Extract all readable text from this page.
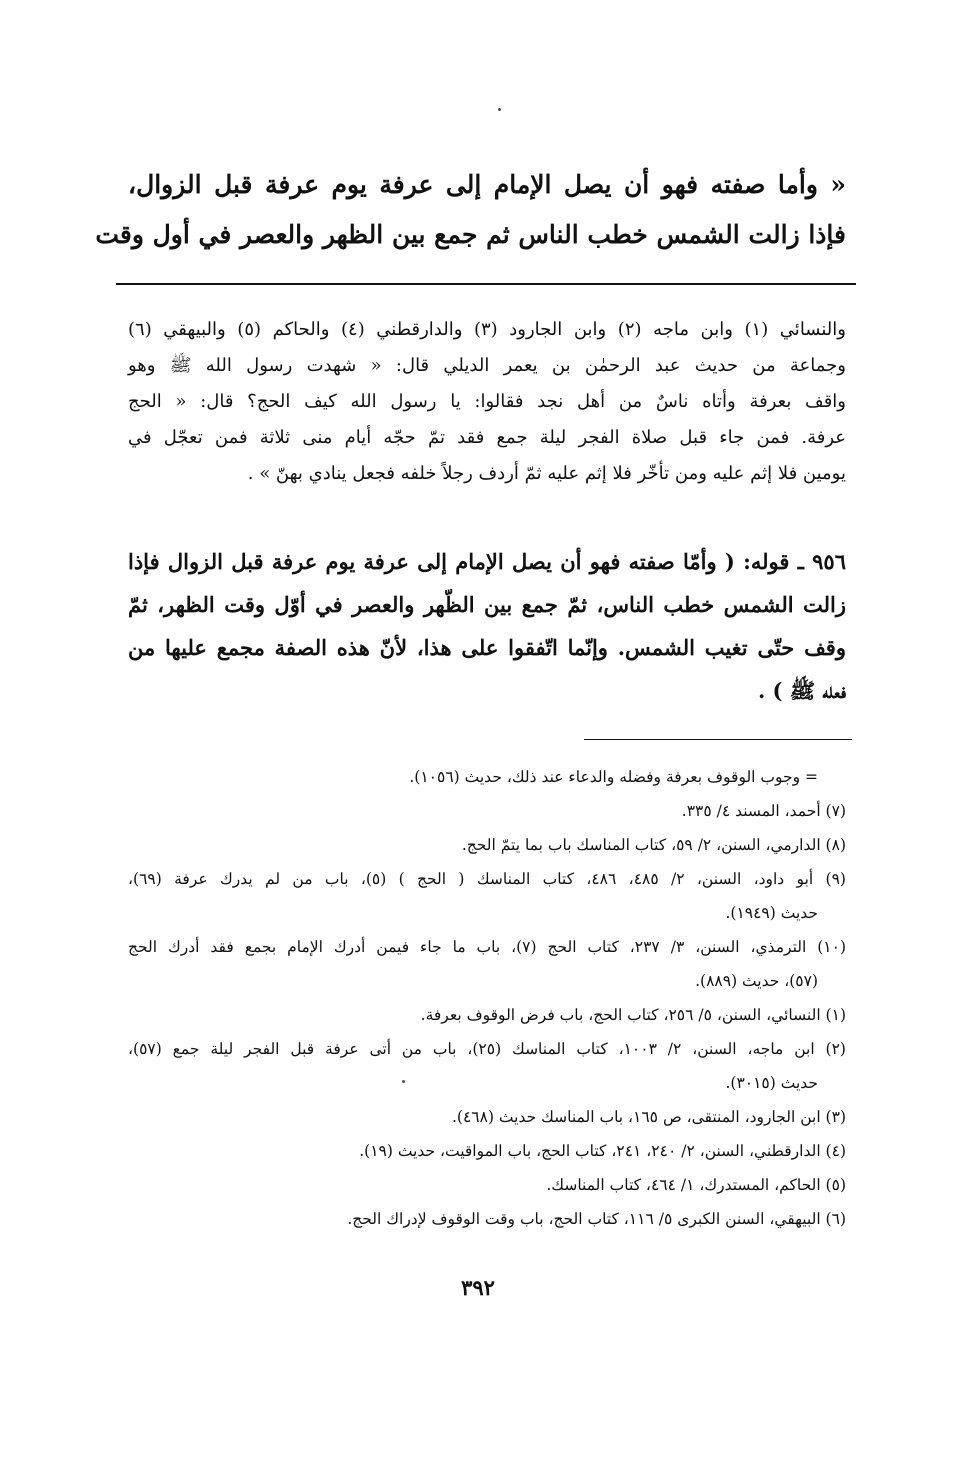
« وأما صفته فهو أن يصل الإمام إلى عرفة يوم عرفة قبل الزوال،

فإذا زالت الشمس خطب الناس ثم جمع بين الظهر والعصر في أول وقت

والنسائي (١) وابن ماجه (٢) وابن الجارود (٣) والدارقطني (٤) والحاكم (٥) والبيهقي (٦)

وجماعة من حديث عبد الرحمٰن بن يعمر الديلي قال: « شهدت رسول الله ﷺ وهو

واقف بعرفة وأتاه ناسٌ من أهل نجد فقالوا: يا رسول الله كيف الحج؟ قال: « الحج

عرفة. فمن جاء قبل صلاة الفجر ليلة جمع فقد تمّ حجّه أيام منى ثلاثة فمن تعجّل في

يومين فلا إثم عليه ومن تأخّر فلا إثم عليه ثمّ أردف رجلاً خلفه فجعل ينادي بهنّ » .

٩٥٦ ـ قوله: ( وأمّا صفته فهو أن يصل الإمام إلى عرفة يوم عرفة قبل الزوال فإذا

زالت الشمس خطب الناس، ثمّ جمع بين الظّهر والعصر في أوّل وقت الظهر، ثمّ

وقف حتّى تغيب الشمس. وإنّما اتّفقوا على هذا، لأنّ هذه الصفة مجمع عليها من

فعله ﷺ ) .

= وجوب الوقوف بعرفة وفضله والدعاء عند ذلك، حديث (١٠٥٦).

(٧) أحمد، المسند ٤/ ٣٣٥.

(٨) الدارمي، السنن، ٢/ ٥٩، كتاب المناسك باب بما يتمّ الحج.

(٩) أبو داود، السنن، ٢/ ٤٨٥، ٤٨٦، كتاب المناسك ( الحج ) (٥)، باب من لم يدرك عرفة (٦٩)،

حديث (١٩٤٩).

(١٠) الترمذي، السنن، ٣/ ٢٣٧، كتاب الحج (٧)، باب ما جاء فيمن أدرك الإمام بجمع فقد أدرك الحج

(٥٧)، حديث (٨٨٩).

(١) النسائي، السنن، ٥/ ٢٥٦، كتاب الحج، باب فرض الوقوف بعرفة.

(٢) ابن ماجه، السنن، ٢/ ١٠٠٣، كتاب المناسك (٢٥)، باب من أتى عرفة قبل الفجر ليلة جمع (٥٧)،

حديث (٣٠١٥).

(٣) ابن الجارود، المنتقى، ص ١٦٥، باب المناسك حديث (٤٦٨).

(٤) الدارقطني، السنن، ٢/ ٢٤٠، ٢٤١، كتاب الحج، باب المواقيت، حديث (١٩).

(٥) الحاكم، المستدرك، ١/ ٤٦٤، كتاب المناسك.

(٦) البيهقي، السنن الكبرى ٥/ ١١٦، كتاب الحج، باب وقت الوقوف لإدراك الحج.

٣٩٢
